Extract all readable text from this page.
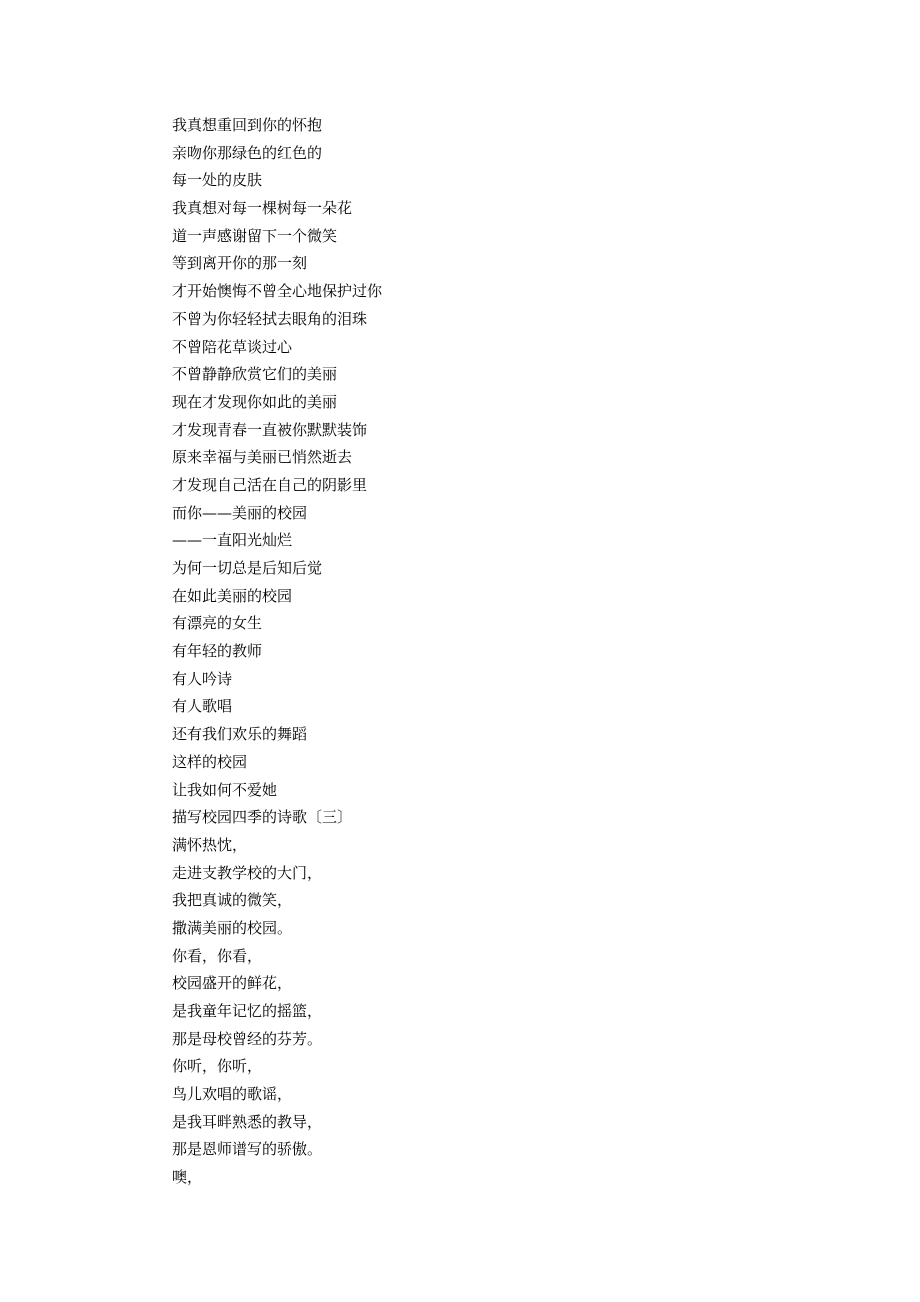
我真想重回到你的怀抱
亲吻你那绿色的红色的
每一处的皮肤
我真想对每一棵树每一朵花
道一声感谢留下一个微笑
等到离开你的那一刻
才开始懊悔不曾全心地保护过你
不曾为你轻轻拭去眼角的泪珠
不曾陪花草谈过心
不曾静静欣赏它们的美丽
现在才发现你如此的美丽
才发现青春一直被你默默装饰
原来幸福与美丽已悄然逝去
才发现自己活在自己的阴影里
而你——美丽的校园
——一直阳光灿烂
为何一切总是后知后觉
在如此美丽的校园
有漂亮的女生
有年轻的教师
有人吟诗
有人歌唱
还有我们欢乐的舞蹈
这样的校园
让我如何不爱她
描写校园四季的诗歌〔三〕
满怀热忱，
走进支教学校的大门，
我把真诚的微笑，
撒满美丽的校园。
你看，你看，
校园盛开的鲜花，
是我童年记忆的摇篮，
那是母校曾经的芬芳。
你听，你听，
鸟儿欢唱的歌谣，
是我耳畔熟悉的教导，
那是恩师谱写的骄傲。
噢，
